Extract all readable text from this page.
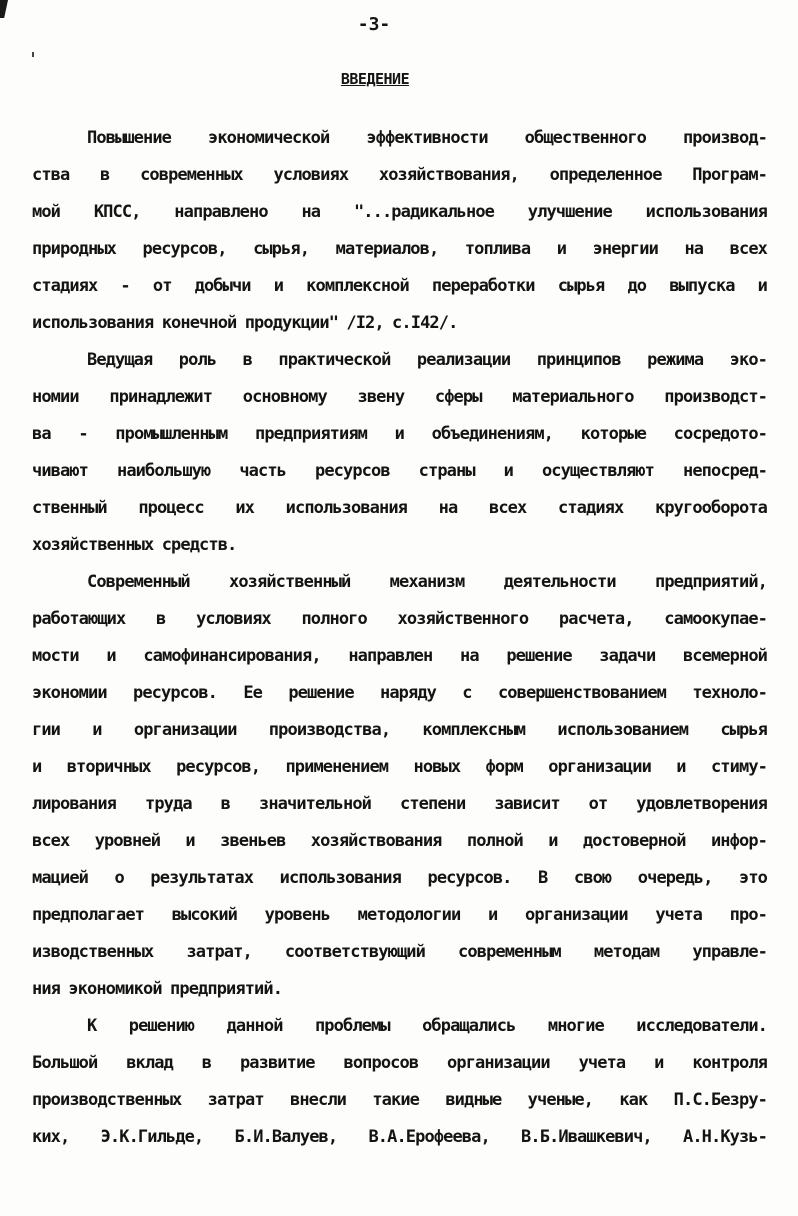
-3-
ВВЕДЕНИЕ
Повышение экономической эффективности общественного производ-
ства в современных условиях хозяйствования, определенное Програм-
мой КПСС, направлено на "...радикальное улучшение использования
природных ресурсов, сырья, материалов, топлива и энергии на всех
стадиях - от добычи и комплексной переработки сырья до выпуска и
использования конечной продукции" /I2, с.I42/.
Ведущая роль в практической реализации принципов режима эко-
номии принадлежит основному звену сферы материального производст-
ва - промышленным предприятиям и объединениям, которые сосредото-
чивают наибольшую часть ресурсов страны и осуществляют непосред-
ственный процесс их использования на всех стадиях кругооборота
хозяйственных средств.
Современный хозяйственный механизм деятельности предприятий,
работающих в условиях полного хозяйственного расчета, самоокупае-
мости и самофинансирования, направлен на решение задачи всемерной
экономии ресурсов. Ее решение наряду с совершенствованием техноло-
гии и организации производства, комплексным использованием сырья
и вторичных ресурсов, применением новых форм организации и стиму-
лирования труда в значительной степени зависит от удовлетворения
всех уровней и звеньев хозяйствования полной и достоверной инфор-
мацией о результатах использования ресурсов. В свою очередь, это
предполагает высокий уровень методологии и организации учета про-
изводственных затрат, соответствующий современным методам управле-
ния экономикой предприятий.
К решению данной проблемы обращались многие исследователи.
Большой вклад в развитие вопросов организации учета и контроля
производственных затрат внесли такие видные ученые, как П.С.Безру-
ких, Э.К.Гильде, Б.И.Валуев, В.А.Ерофеева, В.Б.Ивашкевич, А.Н.Кузь-
